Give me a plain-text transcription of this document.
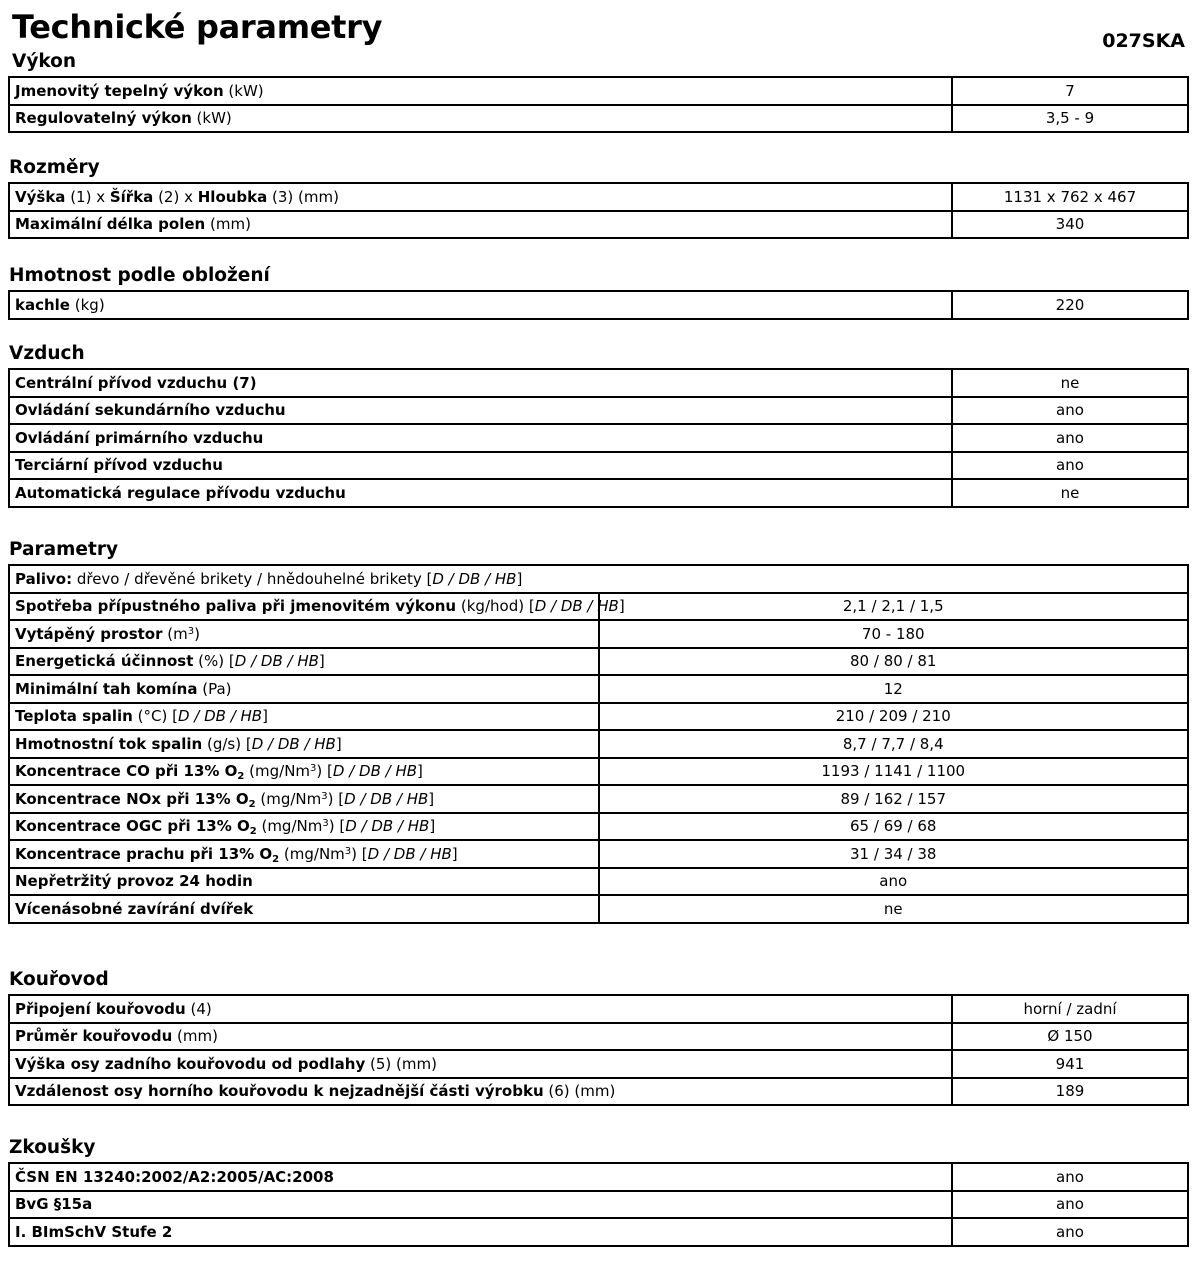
Technické parametry	027SKA
Výkon
Jmenovitý tepelný výkon (kW)	7
Regulovatelný výkon (kW)	3,5 - 9
Rozměry
Výška (1) x Šířka (2) x Hloubka (3) (mm)	1131 x 762 x 467
Maximální délka polen (mm)	340
Hmotnost podle obložení
kachle (kg)	220
Vzduch
Centrální přívod vzduchu (7)	ne
Ovládání sekundárního vzduchu	ano
Ovládání primárního vzduchu	ano
Terciární přívod vzduchu	ano
Automatická regulace přívodu vzduchu	ne
Parametry
Palivo: dřevo / dřevěné brikety / hnědouhelné brikety [D / DB / HB]	
Spotřeba přípustného paliva při jmenovitém výkonu (kg/hod) [D / DB / HB]	2,1 / 2,1 / 1,5
Vytápěný prostor $(m^3)$	70 - 180
Energetická účinnost (%) [D / DB / HB]	80 / 80 / 81
Minimální tah komína (Pa)	12
Teplota spalin (°C) [D / DB / HB]	210 / 209 / 210
Hmotnostní tok spalin (g/s) [D / DB / HB]	8,7 / 7,7 / 8,4
Koncentrace CO při 13% $O_2$ (mg/Nm$^3$) [D / DB / HB]	1193 / 1141 / 1100
Koncentrace NOx při 13% $O_2$ (mg/Nm$^3$) [D / DB / HB]	89 / 162 / 157
Koncentrace OGC při 13% $O_2$ (mg/Nm$^3$) [D / DB / HB]	65 / 69 / 68
Koncentrace prachu při 13% $O_2$ (mg/Nm$^3$) [D / DB / HB]	31 / 34 / 38
Nepřetržitý provoz 24 hodin	ano
Vícenásobné zavírání dvířek	ne
Kouřovod
Připojení kouřovodu (4)	horní / zadní
Průměr kouřovodu (mm)	Ø 150
Výška osy zadního kouřovodu od podlahy (5) (mm)	941
Vzdálenost osy horního kouřovodu k nejzadnější části výrobku (6) (mm)	189
Zkoušky
ČSN EN 13240:2002/A2:2005/AC:2008	ano
BvG §15a	ano
I. BImSchV Stufe 2	ano
